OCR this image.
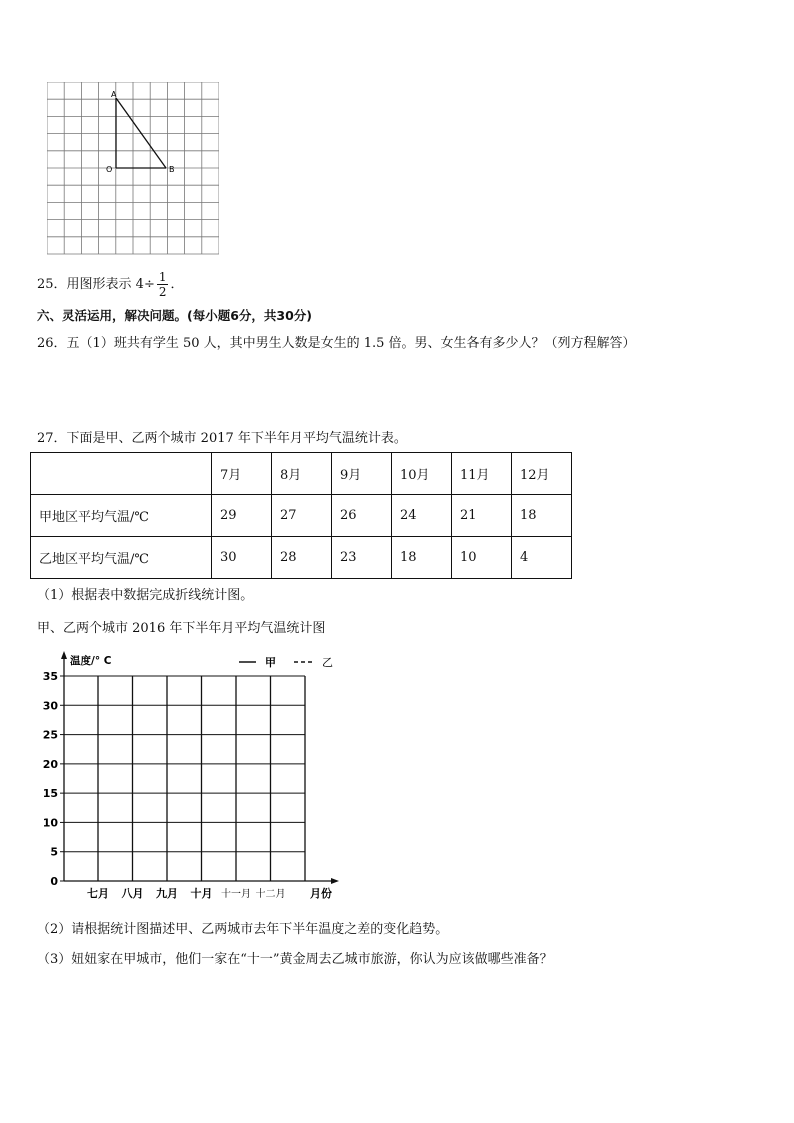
A
O	B
25．用图形表示 $4\div \frac{1}{2}$ ．
六、灵活运用，解决问题。(每小题6分，共30分)
26．五（1）班共有学生 50 人，其中男生人数是女生的 1.5 倍。男、女生各有多少人？（列方程解答）
27．下面是甲、乙两个城市 2017 年下半年月平均气温统计表。
	7月	8月	9月	10月	11月	12月
甲地区平均气温/℃	29	27	26	24	21	18
乙地区平均气温/℃	30	28	23	18	10	4
（1）根据表中数据完成折线统计图。
甲、乙两个城市 2016 年下半年月平均气温统计图
0
5
10
15
20
25
30
35
七月 八月 九月 十月 十一月 十二月
温度/° C	甲	乙
月份
（2）请根据统计图描述甲、乙两城市去年下半年温度之差的变化趋势。
（3）妞妞家在甲城市，他们一家在“十一”黄金周去乙城市旅游，你认为应该做哪些准备？
